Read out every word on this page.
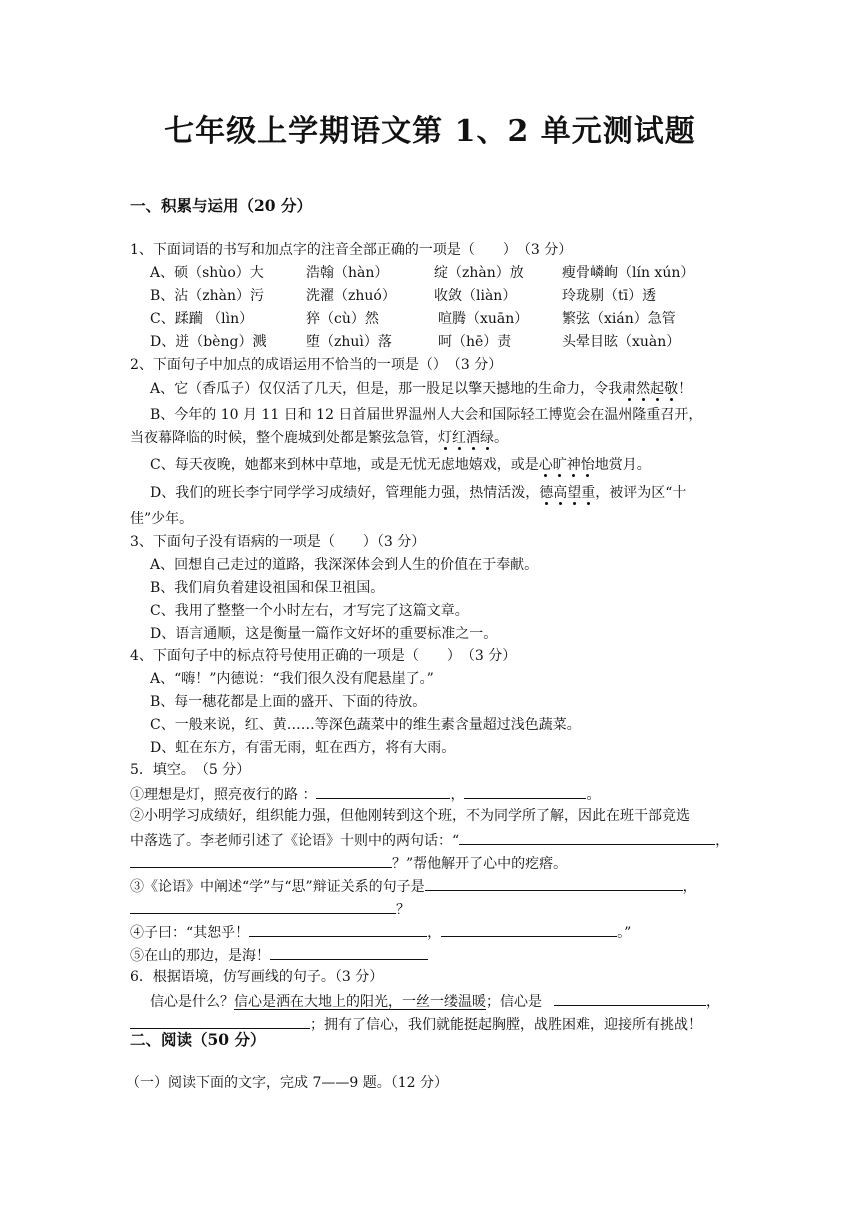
七年级上学期语文第 1、2 单元测试题
一、积累与运用（20 分）
1、下面词语的书写和加点字的注音全部正确的一项是（　　）　（3 分）
A、硕（shùo）大	浩翰（hàn）	绽（zhàn）放	瘦骨嶙峋（lín xún）
B、沾（zhàn）污	洗濯（zhuó）	收敛（liàn）	玲珑剔（tī）透
C、蹂躏 （lìn）	猝（cù）然	喧腾（xuān） 繁弦（xián）急管
D、迸（bèng）溅	堕（zhuì）落	呵（hē）责	头晕目眩（xuàn）
2、下面句子中加点的成语运用不恰当的一项是（）　（3 分）
A、它（香瓜子）仅仅活了几天，但是，那一股足以擎天撼地的生命力，令我肃然起敬！
B、今年的 10 月 11 日和 12 日首届世界温州人大会和国际轻工博览会在温州隆重召开，
当夜幕降临的时候，整个鹿城到处都是繁弦急管，灯红酒绿。
C、每天夜晚，她都来到林中草地，或是无忧无虑地嬉戏，或是心旷神怡地赏月。
D、我们的班长李宁同学学习成绩好，管理能力强，热情活泼，德高望重，被评为区“十
佳”少年。
3、下面句子没有语病的一项是（　　）（3 分）
A、回想自己走过的道路，我深深体会到人生的价值在于奉献。
B、我们肩负着建设祖国和保卫祖国。
C、我用了整整一个小时左右，才写完了这篇文章。
D、语言通顺，这是衡量一篇作文好坏的重要标准之一。
4、下面句子中的标点符号使用正确的一项是（　　）　（3 分）
A、“嗨！”内德说：“我们很久没有爬悬崖了。”
B、每一穗花都是上面的盛开、下面的待放。
C、一般来说，红、黄……等深色蔬菜中的维生素含量超过浅色蔬菜。
D、虹在东方，有雷无雨，虹在西方，将有大雨。
5．填空。　（5 分）
①理想是灯，照亮夜行的路 ：	，	。
②小明学习成绩好，组织能力强，但他刚转到这个班，不为同学所了解，因此在班干部竞选
中落选了。李老师引述了《论语》十则中的两句话：“	，
？”帮他解开了心中的疙瘩。
③《论语》中阐述“学”与“思”辩证关系的句子是	，
？
④子曰：“其恕乎！	，	。”
⑤在山的那边，是海！
6．根据语境，仿写画线的句子。（3 分）
信心是什么？信心是洒在大地上的阳光，一丝一缕温暖；信心是	，
；拥有了信心，我们就能挺起胸膛，战胜困难，迎接所有挑战！
二、阅读（50 分）
（一）阅读下面的文字，完成 7——9 题。（12 分）
